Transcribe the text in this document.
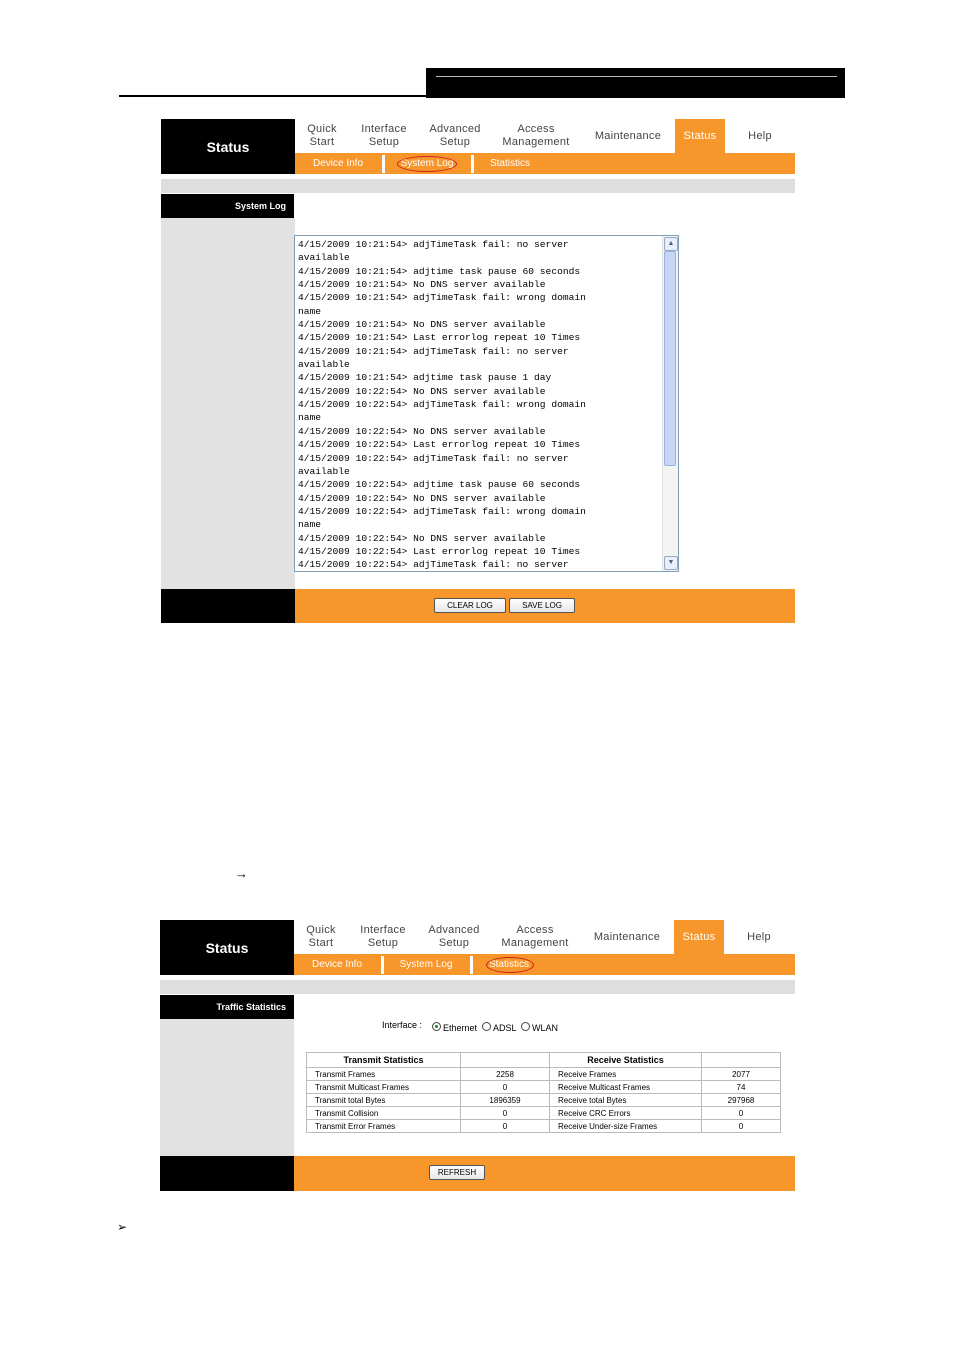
Status
Quick
Start
Interface
Setup
Advanced
Setup
Access
Management
Maintenance Status	Help
Device Info	System Log	Statistics
System Log
4/15/2009 10:21:54> adjTimeTask fail: no server
available
4/15/2009 10:21:54> adjtime task pause 60 seconds
4/15/2009 10:21:54> No DNS server available
4/15/2009 10:21:54> adjTimeTask fail: wrong domain
name
4/15/2009 10:21:54> No DNS server available
4/15/2009 10:21:54> Last errorlog repeat 10 Times
4/15/2009 10:21:54> adjTimeTask fail: no server
available
4/15/2009 10:21:54> adjtime task pause 1 day
4/15/2009 10:22:54> No DNS server available
4/15/2009 10:22:54> adjTimeTask fail: wrong domain
name
4/15/2009 10:22:54> No DNS server available
4/15/2009 10:22:54> Last errorlog repeat 10 Times
4/15/2009 10:22:54> adjTimeTask fail: no server
available
4/15/2009 10:22:54> adjtime task pause 60 seconds
4/15/2009 10:22:54> No DNS server available
4/15/2009 10:22:54> adjTimeTask fail: wrong domain
name
4/15/2009 10:22:54> No DNS server available
4/15/2009 10:22:54> Last errorlog repeat 10 Times
4/15/2009 10:22:54> adjTimeTask fail: no server
▲
▼
CLEAR LOG	SAVE LOG
→
Status
Quick
Start
Interface
Setup
Advanced
Setup
Access
Management
Maintenance Status	Help
Device Info	System Log	Statistics
Traffic Statistics
Interface : Ethernet ADSL WLAN
Transmit Statistics		Receive Statistics	
Transmit Frames	2258	Receive Frames	2077
Transmit Multicast Frames	0	Receive Multicast Frames	74
Transmit total Bytes	1896359	Receive total Bytes	297968
Transmit Collision	0	Receive CRC Errors	0
Transmit Error Frames	0	Receive Under-size Frames	0
REFRESH
➢
